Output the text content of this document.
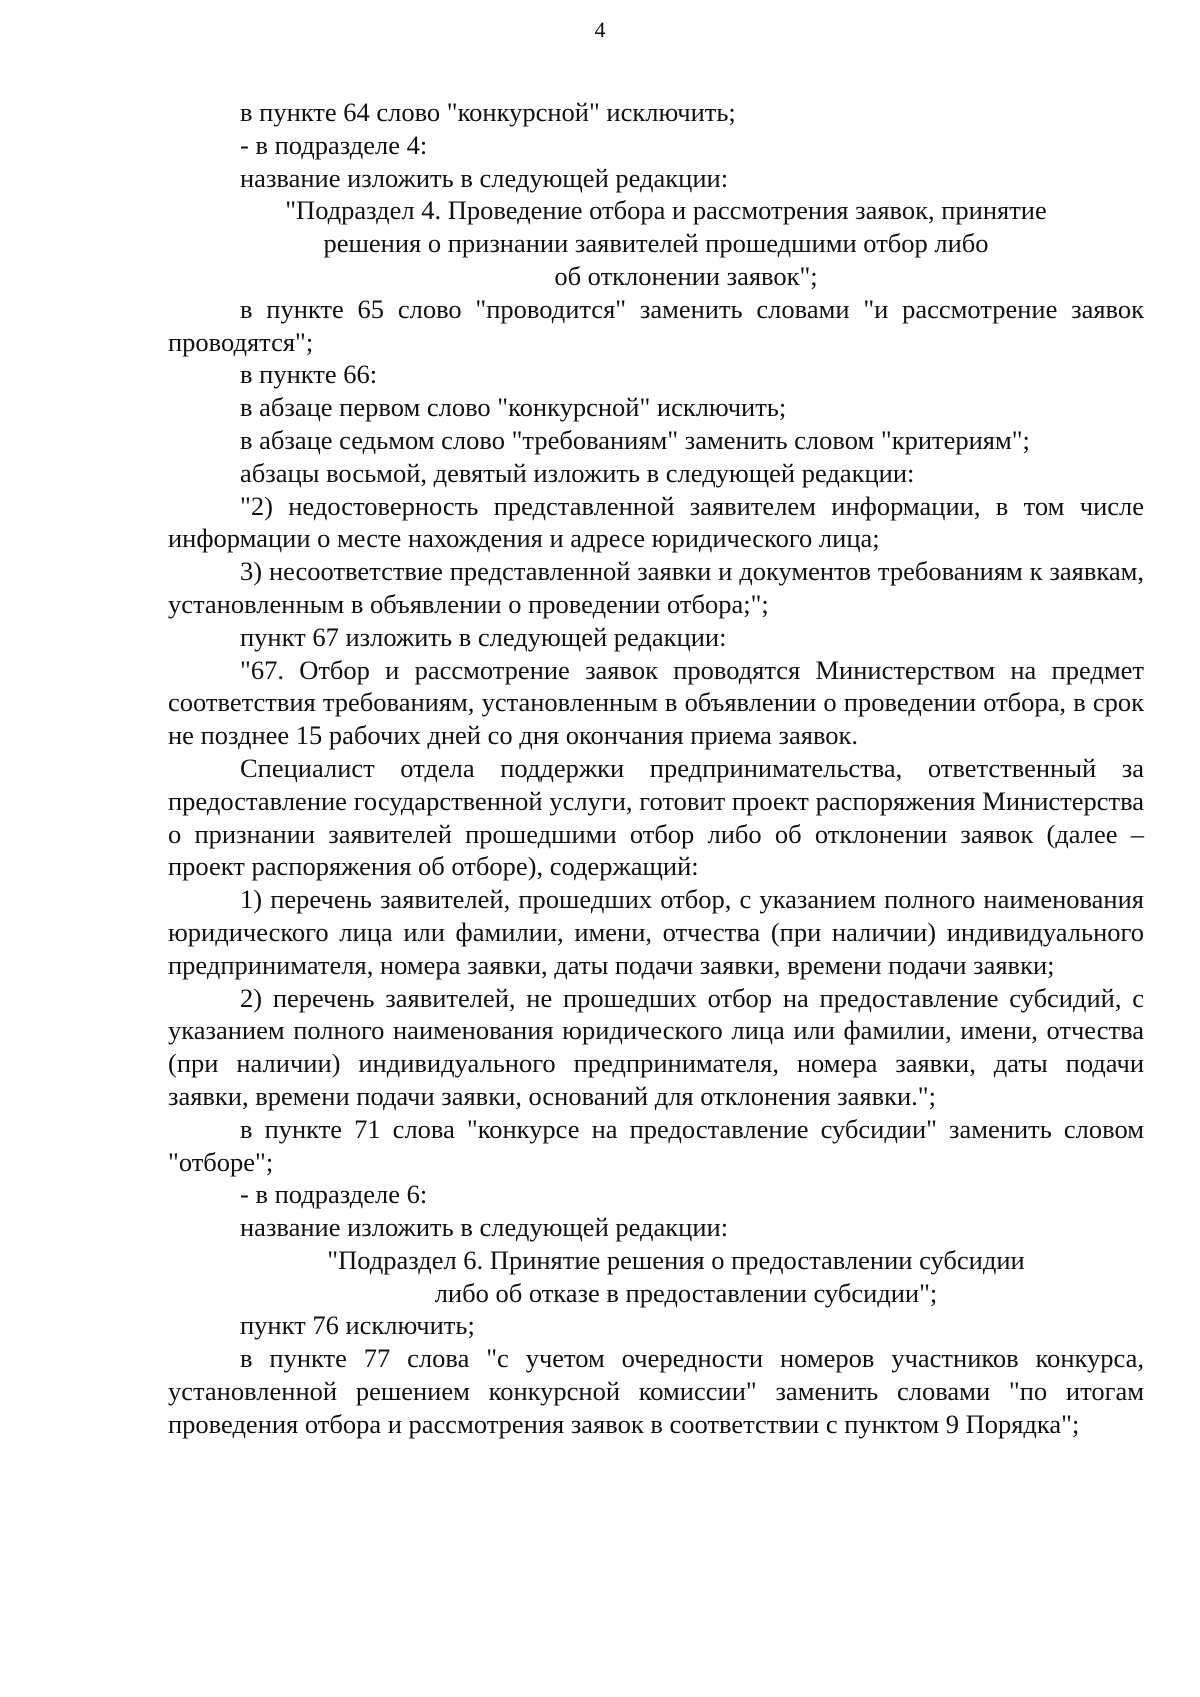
4

в пункте 64 слово "конкурсной" исключить;

- в подразделе 4:

название изложить в следующей редакции:

"Подраздел 4. Проведение отбора и рассмотрения заявок, принятие
решения о признании заявителей прошедшими отбор либо
об отклонении заявок";

в пункте 65 слово "проводится" заменить словами "и рассмотрение заявок проводятся";

в пункте 66:

в абзаце первом слово "конкурсной" исключить;

в абзаце седьмом слово "требованиям" заменить словом "критериям";

абзацы восьмой, девятый изложить в следующей редакции:

"2) недостоверность представленной заявителем информации, в том числе информации о месте нахождения и адресе юридического лица;

3) несоответствие представленной заявки и документов требованиям к заявкам, установленным в объявлении о проведении отбора;";

пункт 67 изложить в следующей редакции:

"67. Отбор и рассмотрение заявок проводятся Министерством на предмет соответствия требованиям, установленным в объявлении о проведении отбора, в срок не позднее 15 рабочих дней со дня окончания приема заявок.

Специалист отдела поддержки предпринимательства, ответственный за предоставление государственной услуги, готовит проект распоряжения Министерства о признании заявителей прошедшими отбор либо об отклонении заявок (далее – проект распоряжения об отборе), содержащий:

1) перечень заявителей, прошедших отбор, с указанием полного наименования юридического лица или фамилии, имени, отчества (при наличии) индивидуального предпринимателя, номера заявки, даты подачи заявки, времени подачи заявки;

2) перечень заявителей, не прошедших отбор на предоставление субсидий, с указанием полного наименования юридического лица или фамилии, имени, отчества (при наличии) индивидуального предпринимателя, номера заявки, даты подачи заявки, времени подачи заявки, оснований для отклонения заявки.";

в пункте 71 слова "конкурсе на предоставление субсидии" заменить словом "отборе";

- в подразделе 6:

название изложить в следующей редакции:

"Подраздел 6. Принятие решения о предоставлении субсидии
либо об отказе в предоставлении субсидии";

пункт 76 исключить;

в пункте 77 слова "с учетом очередности номеров участников конкурса, установленной решением конкурсной комиссии" заменить словами "по итогам проведения отбора и рассмотрения заявок в соответствии с пунктом 9 Порядка";
